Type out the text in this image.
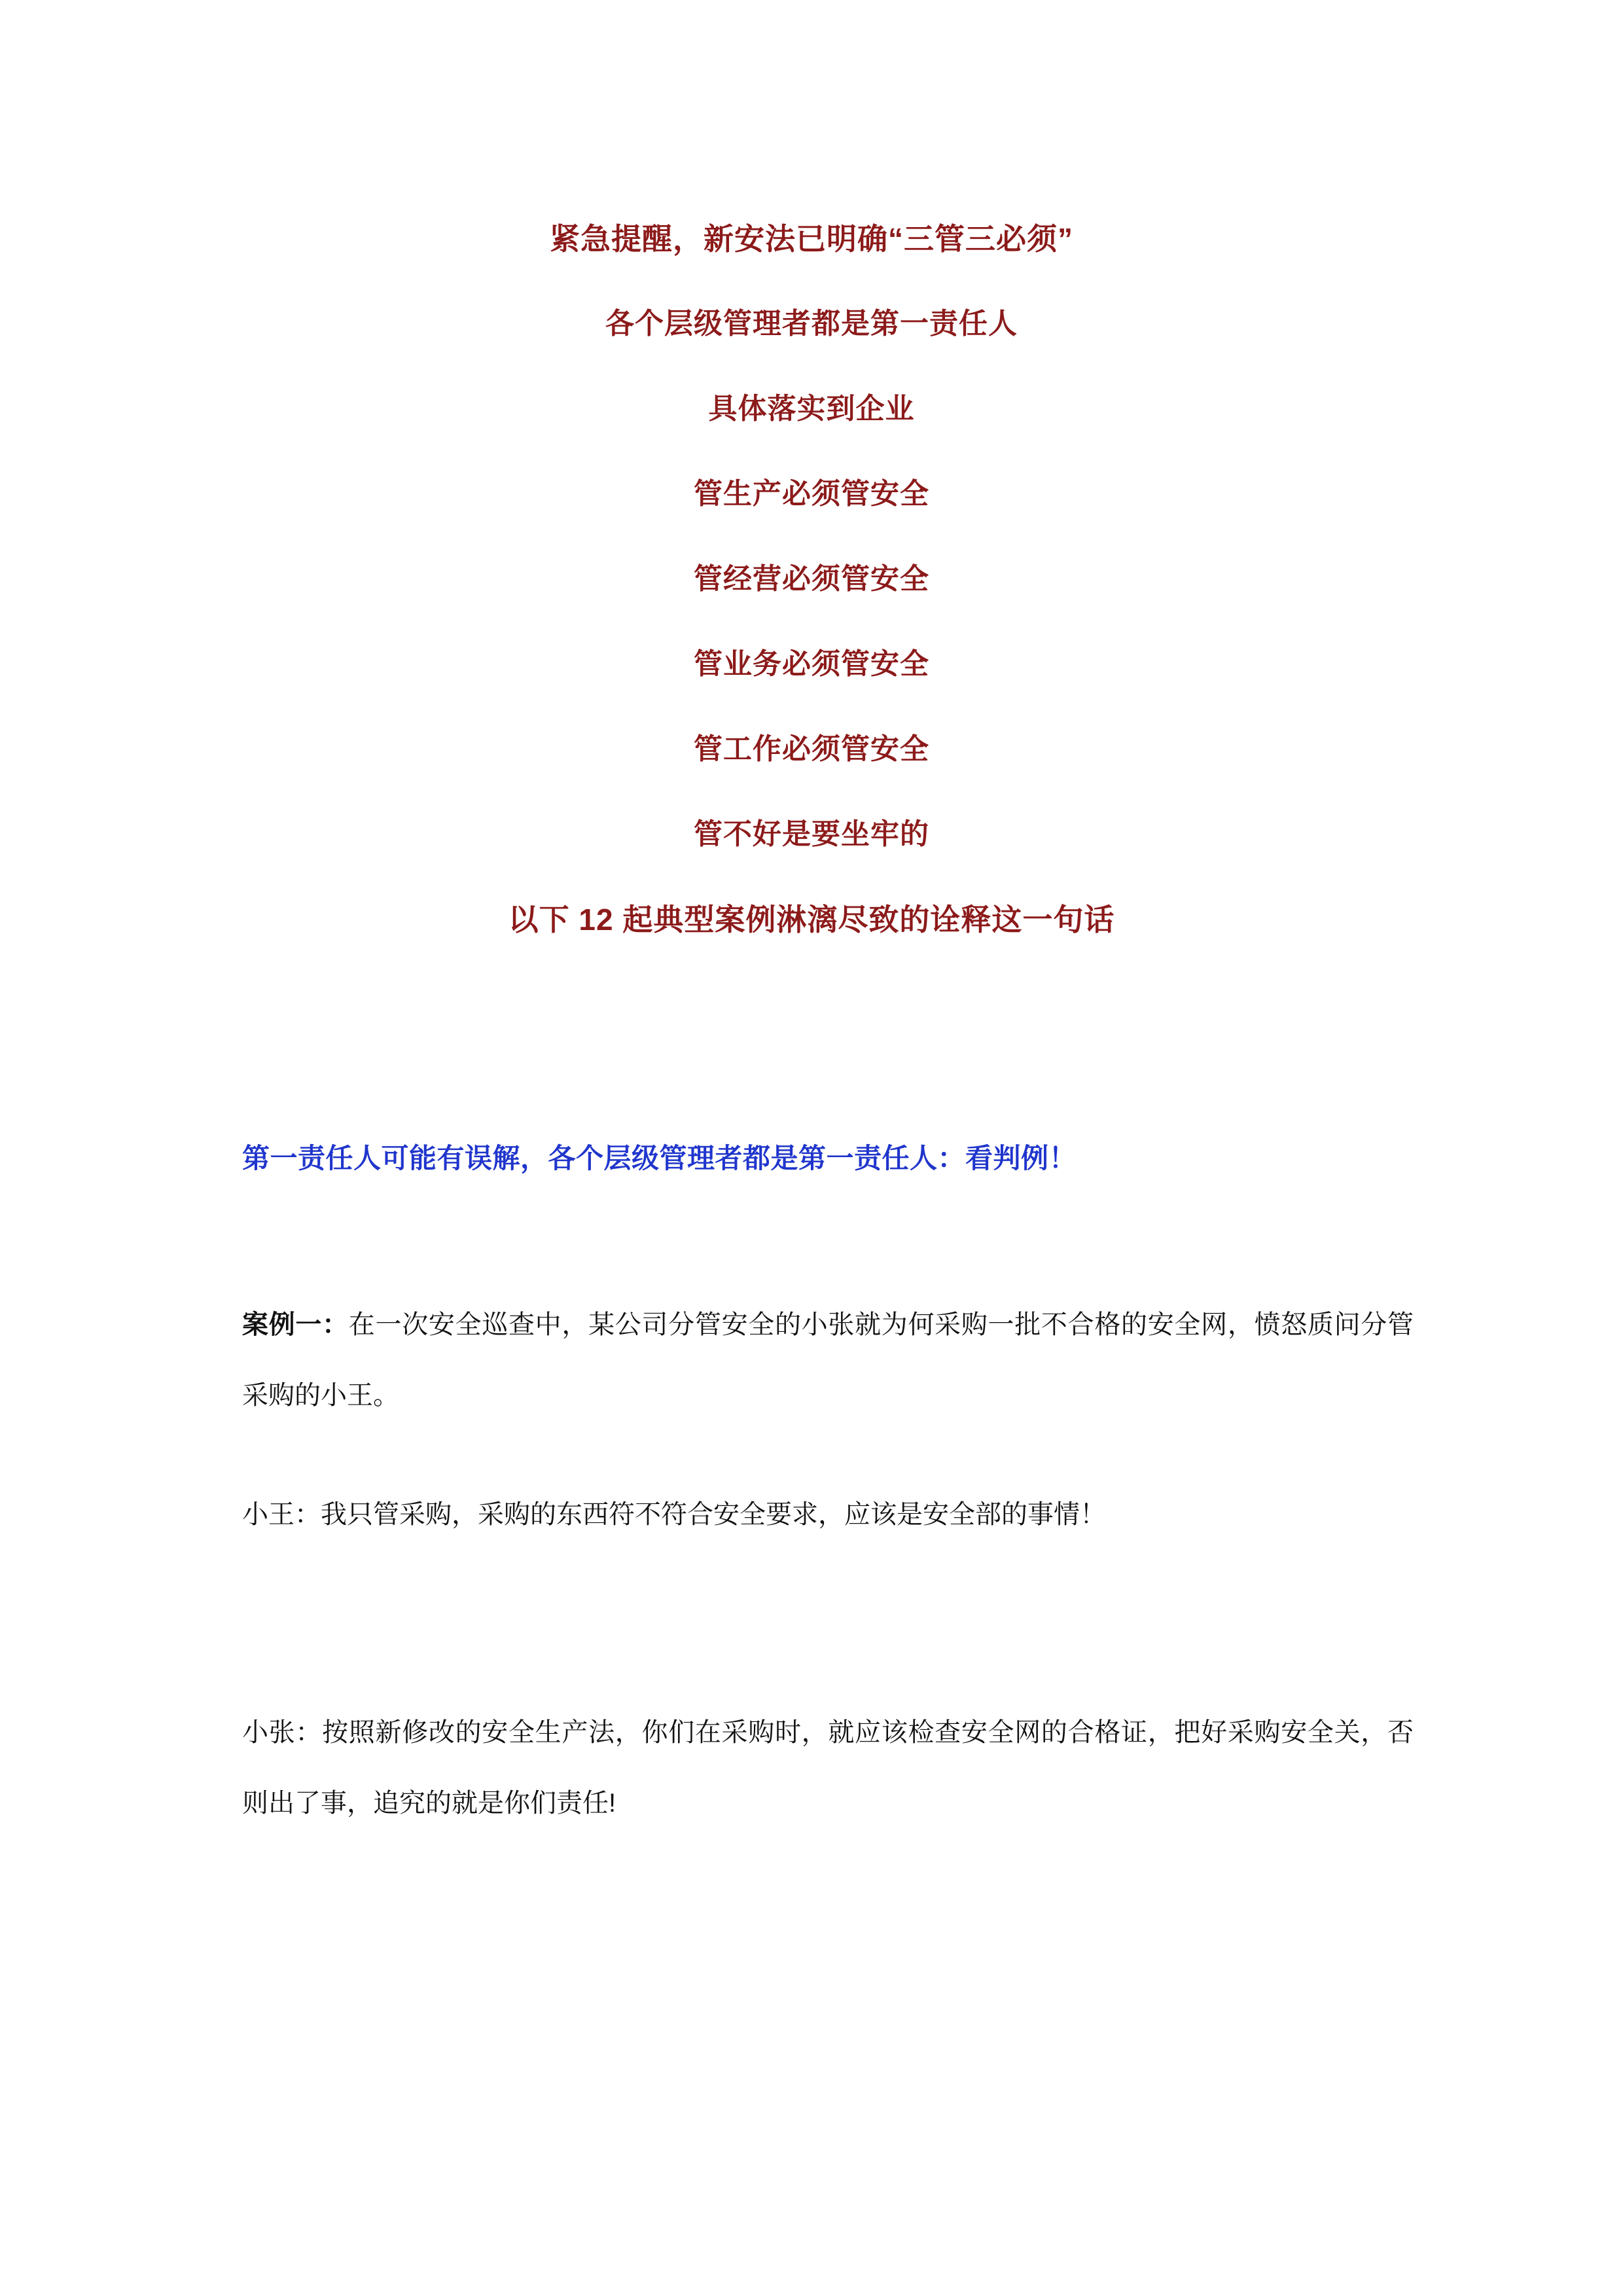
紧急提醒，新安法已明确“三管三必须”
各个层级管理者都是第一责任人
具体落实到企业
管生产必须管安全
管经营必须管安全
管业务必须管安全
管工作必须管安全
管不好是要坐牢的
以下 12 起典型案例淋漓尽致的诠释这一句话
第一责任人可能有误解，各个层级管理者都是第一责任人：看判例！

案例一：在一次安全巡查中，某公司分管安全的小张就为何采购一批不合格的安全网，愤怒质问分管采购的小王。

小王：我只管采购，采购的东西符不符合安全要求，应该是安全部的事情！

小张：按照新修改的安全生产法，你们在采购时，就应该检查安全网的合格证，把好采购安全关，否则出了事，追究的就是你们责任!
